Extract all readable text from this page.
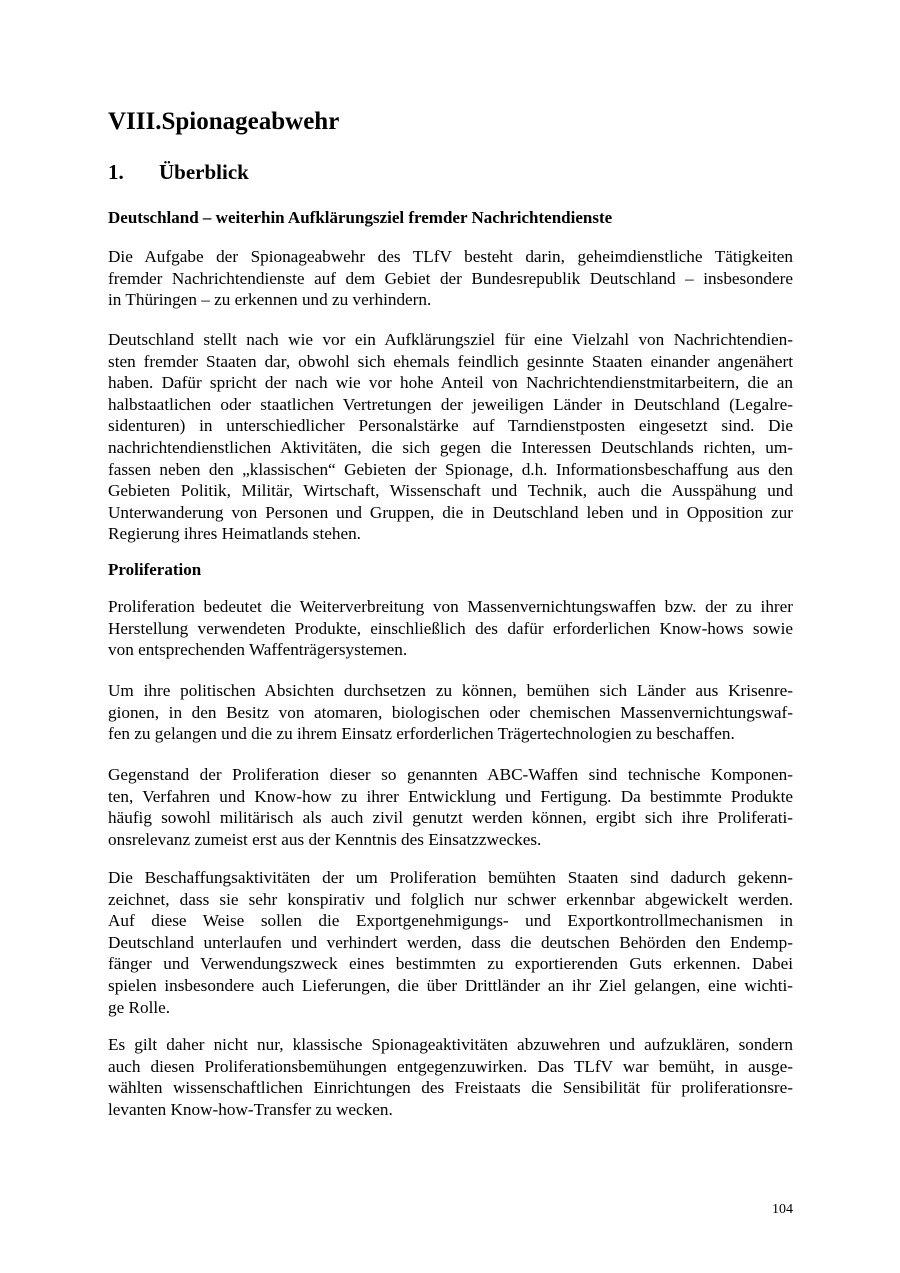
VIII.Spionageabwehr
1. Überblick
Deutschland – weiterhin Aufklärungsziel fremder Nachrichtendienste

Die Aufgabe der Spionageabwehr des TLfV besteht darin, geheimdienstliche Tätigkeiten
fremder Nachrichtendienste auf dem Gebiet der Bundesrepublik Deutschland – insbesondere
in Thüringen – zu erkennen und zu verhindern.

Deutschland stellt nach wie vor ein Aufklärungsziel für eine Vielzahl von Nachrichtendien-
sten fremder Staaten dar, obwohl sich ehemals feindlich gesinnte Staaten einander angenähert
haben. Dafür spricht der nach wie vor hohe Anteil von Nachrichtendienstmitarbeitern, die an
halbstaatlichen oder staatlichen Vertretungen der jeweiligen Länder in Deutschland (Legalre-
sidenturen) in unterschiedlicher Personalstärke auf Tarndienstposten eingesetzt sind. Die
nachrichtendienstlichen Aktivitäten, die sich gegen die Interessen Deutschlands richten, um-
fassen neben den „klassischen“ Gebieten der Spionage, d.h. Informationsbeschaffung aus den
Gebieten Politik, Militär, Wirtschaft, Wissenschaft und Technik, auch die Ausspähung und
Unterwanderung von Personen und Gruppen, die in Deutschland leben und in Opposition zur
Regierung ihres Heimatlands stehen.

Proliferation

Proliferation bedeutet die Weiterverbreitung von Massenvernichtungswaffen bzw. der zu ihrer
Herstellung verwendeten Produkte, einschließlich des dafür erforderlichen Know-hows sowie
von entsprechenden Waffenträgersystemen.

Um ihre politischen Absichten durchsetzen zu können, bemühen sich Länder aus Krisenre-
gionen, in den Besitz von atomaren, biologischen oder chemischen Massenvernichtungswaf-
fen zu gelangen und die zu ihrem Einsatz erforderlichen Trägertechnologien zu beschaffen.

Gegenstand der Proliferation dieser so genannten ABC-Waffen sind technische Komponen-
ten, Verfahren und Know-how zu ihrer Entwicklung und Fertigung. Da bestimmte Produkte
häufig sowohl militärisch als auch zivil genutzt werden können, ergibt sich ihre Proliferati-
onsrelevanz zumeist erst aus der Kenntnis des Einsatzzweckes.

Die Beschaffungsaktivitäten der um Proliferation bemühten Staaten sind dadurch gekenn-
zeichnet, dass sie sehr konspirativ und folglich nur schwer erkennbar abgewickelt werden.
Auf diese Weise sollen die Exportgenehmigungs- und Exportkontrollmechanismen in
Deutschland unterlaufen und verhindert werden, dass die deutschen Behörden den Endemp-
fänger und Verwendungszweck eines bestimmten zu exportierenden Guts erkennen. Dabei
spielen insbesondere auch Lieferungen, die über Drittländer an ihr Ziel gelangen, eine wichti-
ge Rolle.

Es gilt daher nicht nur, klassische Spionageaktivitäten abzuwehren und aufzuklären, sondern
auch diesen Proliferationsbemühungen entgegenzuwirken. Das TLfV war bemüht, in ausge-
wählten wissenschaftlichen Einrichtungen des Freistaats die Sensibilität für proliferationsre-
levanten Know-how-Transfer zu wecken.

104
